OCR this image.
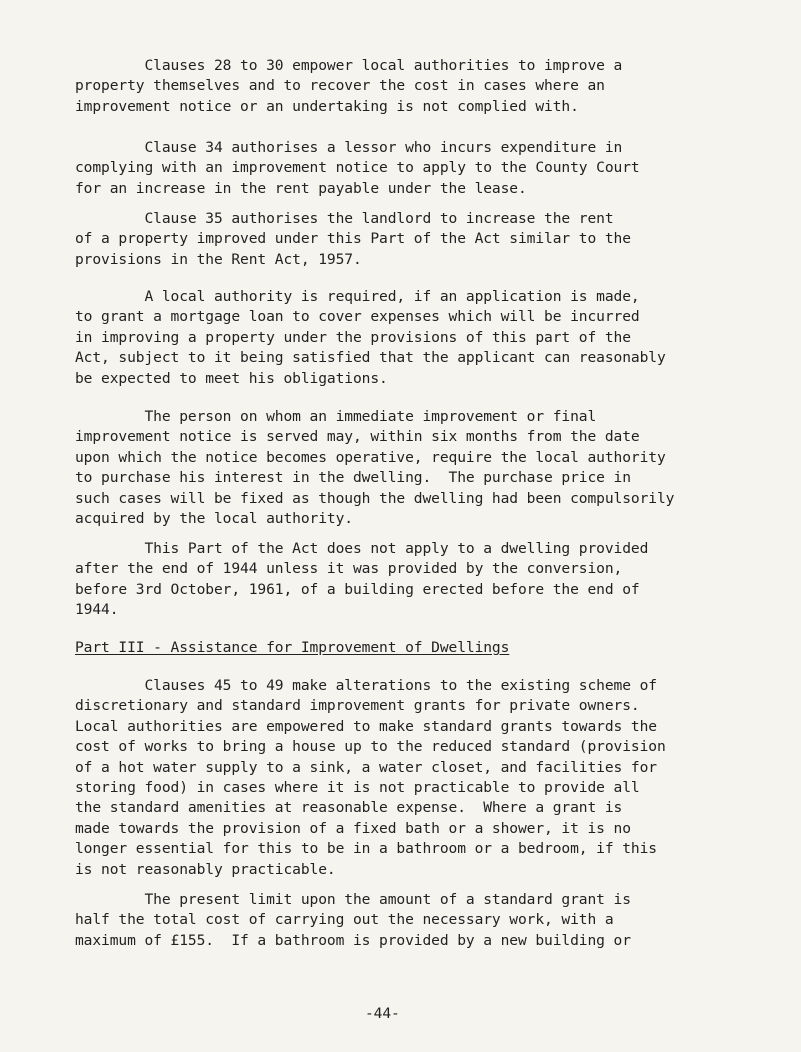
Clauses 28 to 30 empower local authorities to improve a
property themselves and to recover the cost in cases where an
improvement notice or an undertaking is not complied with.
Clause 34 authorises a lessor who incurs expenditure in
complying with an improvement notice to apply to the County Court
for an increase in the rent payable under the lease.
Clause 35 authorises the landlord to increase the rent
of a property improved under this Part of the Act similar to the
provisions in the Rent Act, 1957.
A local authority is required, if an application is made,
to grant a mortgage loan to cover expenses which will be incurred
in improving a property under the provisions of this part of the
Act, subject to it being satisfied that the applicant can reasonably
be expected to meet his obligations.
The person on whom an immediate improvement or final
improvement notice is served may, within six months from the date
upon which the notice becomes operative, require the local authority
to purchase his interest in the dwelling.  The purchase price in
such cases will be fixed as though the dwelling had been compulsorily
acquired by the local authority.
This Part of the Act does not apply to a dwelling provided
after the end of 1944 unless it was provided by the conversion,
before 3rd October, 1961, of a building erected before the end of
1944.
Part III - Assistance for Improvement of Dwellings
Clauses 45 to 49 make alterations to the existing scheme of
discretionary and standard improvement grants for private owners.
Local authorities are empowered to make standard grants towards the
cost of works to bring a house up to the reduced standard (provision
of a hot water supply to a sink, a water closet, and facilities for
storing food) in cases where it is not practicable to provide all
the standard amenities at reasonable expense.  Where a grant is
made towards the provision of a fixed bath or a shower, it is no
longer essential for this to be in a bathroom or a bedroom, if this
is not reasonably practicable.
The present limit upon the amount of a standard grant is
half the total cost of carrying out the necessary work, with a
maximum of £155.  If a bathroom is provided by a new building or
-44-
